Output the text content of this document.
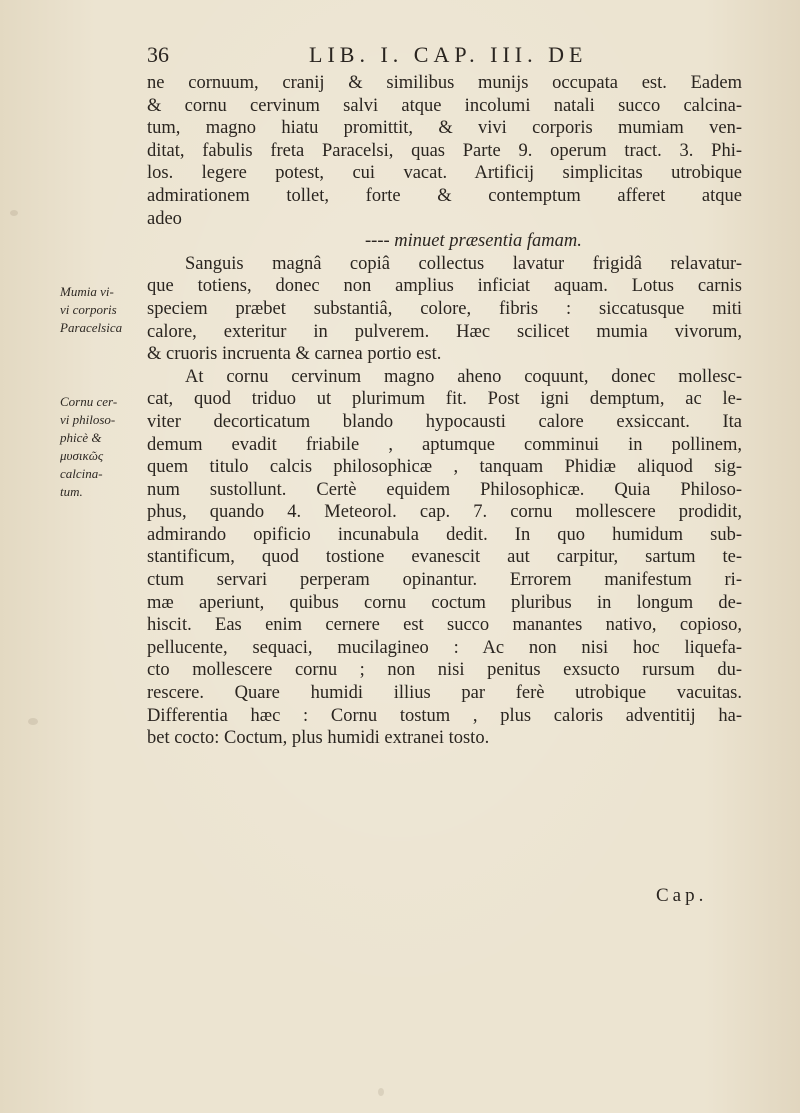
36	LIB. I. CAP. III. DE
Mumia vi-
vi corporis
Paracelsica
Cornu cer-
vi philoso-
phicè &
μυσικῶς
calcina-
tum.
ne cornuum, cranij & similibus munijs occupata est. Eadem
& cornu cervinum salvi atque incolumi natali succo calcina-
tum, magno hiatu promittit, & vivi corporis mumiam ven-
ditat, fabulis freta Paracelsi, quas Parte 9. operum tract. 3. Phi-
los. legere potest, cui vacat. Artificij simplicitas utrobique
admirationem tollet, forte & contemptum afferet atque
adeo
---- minuet præsentia famam.
Sanguis magnâ copiâ collectus lavatur frigidâ relavatur-
que totiens, donec non amplius inficiat aquam. Lotus carnis
speciem præbet substantiâ, colore, fibris : siccatusque miti
calore, exteritur in pulverem. Hæc scilicet mumia vivorum,
& cruoris incruenta & carnea portio est.
At cornu cervinum magno aheno coquunt, donec mollesc-
cat, quod triduo ut plurimum fit. Post igni demptum, ac le-
viter decorticatum blando hypocausti calore exsiccant. Ita
demum evadit friabile , aptumque comminui in pollinem,
quem titulo calcis philosophicæ , tanquam Phidiæ aliquod sig-
num sustollunt. Certè equidem Philosophicæ. Quia Philoso-
phus, quando 4. Meteorol. cap. 7. cornu mollescere prodidit,
admirando opificio incunabula dedit. In quo humidum sub-
stantificum, quod tostione evanescit aut carpitur, sartum te-
ctum servari perperam opinantur. Errorem manifestum ri-
mæ aperiunt, quibus cornu coctum pluribus in longum de-
hiscit. Eas enim cernere est succo manantes nativo, copioso,
pellucente, sequaci, mucilagineo : Ac non nisi hoc liquefa-
cto mollescere cornu ; non nisi penitus exsucto rursum du-
rescere. Quare humidi illius par ferè utrobique vacuitas.
Differentia hæc : Cornu tostum , plus caloris adventitij ha-
bet cocto: Coctum, plus humidi extranei tosto.
Cap.
